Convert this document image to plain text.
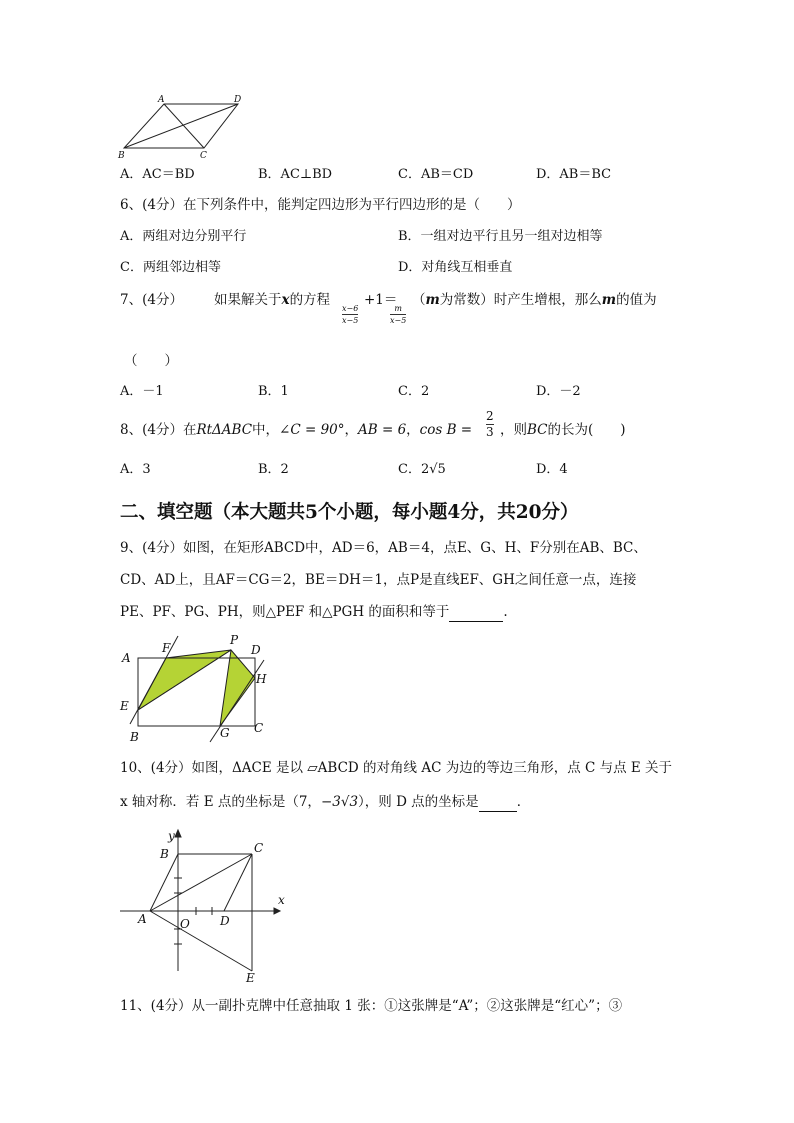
A	D
B	C
A．AC＝BD	B．AC⊥BD	C．AB＝CD	D．AB＝BC
6、(4分）在下列条件中，能判定四边形为平行四边形的是（　　）
A．两组对边分别平行	B．一组对边平行且另一组对边相等
C．两组邻边相等	D．对角线互相垂直
7、(4分） 如果解关于x的方程
x−6
x−5
+1＝
m
x−5
（m为常数）时产生增根，那么m的值为
（　　）
A．－1	B．1	C．2	D．－2
8、(4分）在RtΔABC中，∠C = 90°，AB = 6，cos B =
2
3 ，则BC的长为(　　)
A．3	B．2	C．2√5	D．4
二、填空题（本大题共5个小题，每小题4分，共20分）
9、(4分）如图，在矩形ABCD中，AD＝6，AB＝4，点E、G、H、F分别在AB、BC、
CD、AD上，且AF＝CG＝2，BE＝DH＝1，点P是直线EF、GH之间任意一点，连接
PE、PF、PG、PH，则△PEF 和△PGH 的面积和等于	.
A
F
P
D
H
E
B	G C
10、(4分）如图，ΔACE 是以 ▱ABCD 的对角线 AC 为边的等边三角形，点 C 与点 E 关于
x 轴对称．若 E 点的坐标是（7，−3√3），则 D 点的坐标是	．
y
B	C
x
A	O	D
E
11、(4分）从一副扑克牌中任意抽取 1 张：①这张牌是“A”；②这张牌是“红心”；③
